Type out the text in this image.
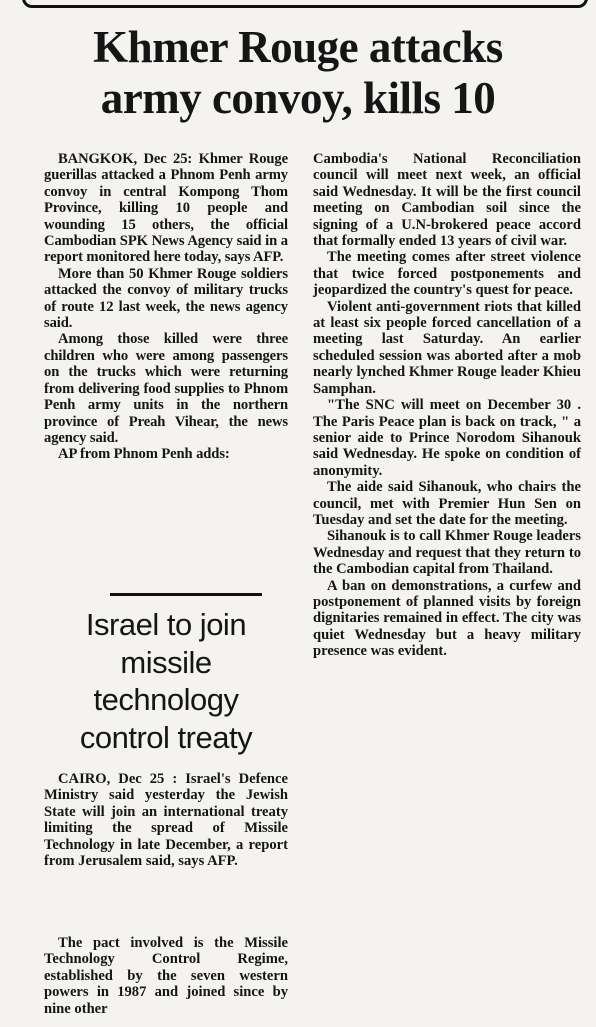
Khmer Rouge attacks
army convoy, kills 10

BANGKOK, Dec 25: Khmer Rouge guerillas attacked a Phnom Penh army convoy in central Kompong Thom Province, killing 10 people and wounding 15 others, the official Cambodian SPK News Agency said in a report monitored here today, says AFP.

More than 50 Khmer Rouge soldiers attacked the convoy of military trucks of route 12 last week, the news agency said.

Among those killed were three children who were among passengers on the trucks which were returning from delivering food supplies to Phnom Penh army units in the northern province of Preah Vihear, the news agency said.

AP from Phnom Penh adds:

Israel to join
missile
technology
control treaty

CAIRO, Dec 25 : Israel's Defence Ministry said yesterday the Jewish State will join an international treaty limiting the spread of Missile Technology in late December, a report from Jerusalem said, says AFP.

The pact involved is the Missile Technology Control Regime, established by the seven western powers in 1987 and joined since by nine other

Cambodia's National Reconciliation council will meet next week, an official said Wednesday. It will be the first council meeting on Cambodian soil since the signing of a U.N-brokered peace accord that formally ended 13 years of civil war.

The meeting comes after street violence that twice forced postponements and jeopardized the country's quest for peace.

Violent anti-government riots that killed at least six people forced cancellation of a meeting last Saturday. An earlier scheduled session was aborted after a mob nearly lynched Khmer Rouge leader Khieu Samphan.

"The SNC will meet on December 30 . The Paris Peace plan is back on track, " a senior aide to Prince Norodom Sihanouk said Wednesday. He spoke on condition of anonymity.

The aide said Sihanouk, who chairs the council, met with Premier Hun Sen on Tuesday and set the date for the meeting.

Sihanouk is to call Khmer Rouge leaders Wednesday and request that they return to the Cambodian capital from Thailand.

A ban on demonstrations, a curfew and postponement of planned visits by foreign dignitaries remained in effect. The city was quiet Wednesday but a heavy military presence was evident.
